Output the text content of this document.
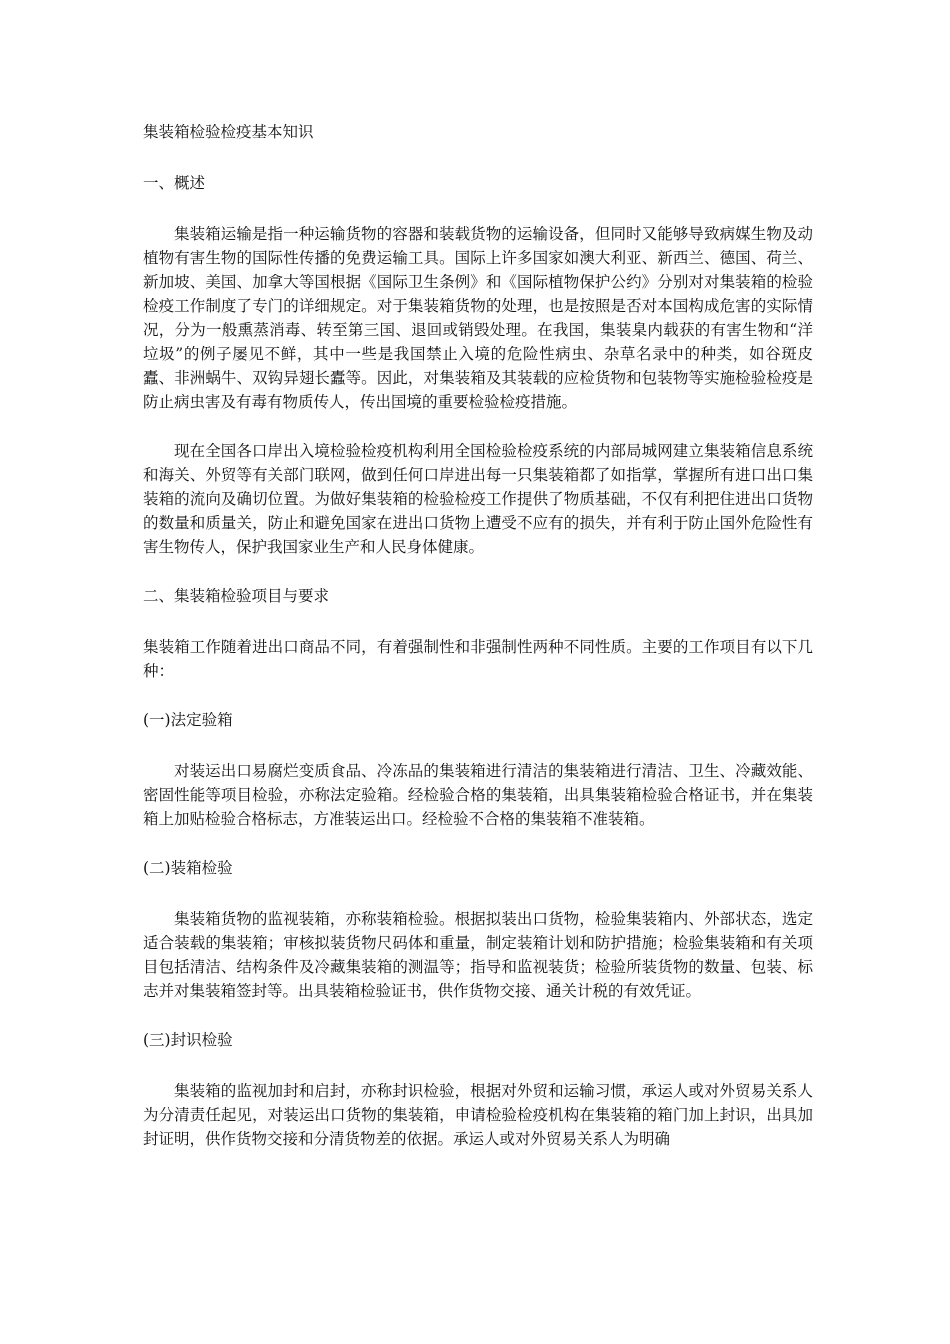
集装箱检验检疫基本知识

一、概述

集装箱运输是指一种运输货物的容器和装载货物的运输设备，但同时又能够导致病媒生物及动植物有害生物的国际性传播的免费运输工具。国际上许多国家如澳大利亚、新西兰、德国、荷兰、新加坡、美国、加拿大等国根据《国际卫生条例》和《国际植物保护公约》分别对对集装箱的检验检疫工作制度了专门的详细规定。对于集装箱货物的处理，也是按照是否对本国构成危害的实际情况，分为一般熏蒸消毒、转至第三国、退回或销毁处理。在我国，集装臬内载获的有害生物和“洋垃圾”的例子屡见不鲜，其中一些是我国禁止入境的危险性病虫、杂草名录中的种类，如谷斑皮蠹、非洲蜗牛、双钩异翅长蠹等。因此，对集装箱及其装载的应检货物和包装物等实施检验检疫是防止病虫害及有毒有物质传人，传出国境的重要检验检疫措施。

现在全国各口岸出入境检验检疫机构利用全国检验检疫系统的内部局城网建立集装箱信息系统和海关、外贸等有关部门联网，做到任何口岸进出每一只集装箱都了如指掌，掌握所有进口出口集装箱的流向及确切位置。为做好集装箱的检验检疫工作提供了物质基础，不仅有利把住进出口货物的数量和质量关，防止和避免国家在进出口货物上遭受不应有的损失，并有利于防止国外危险性有害生物传人，保护我国家业生产和人民身体健康。

二、集装箱检验项目与要求

集装箱工作随着进出口商品不同，有着强制性和非强制性两种不同性质。主要的工作项目有以下几种：

(一)法定验箱

对装运出口易腐烂变质食品、冷冻品的集装箱进行清洁的集装箱进行清洁、卫生、冷藏效能、密固性能等项目检验，亦称法定验箱。经检验合格的集装箱，出具集装箱检验合格证书，并在集装箱上加贴检验合格标志，方准装运出口。经检验不合格的集装箱不准装箱。

(二)装箱检验

集装箱货物的监视装箱，亦称装箱检验。根据拟装出口货物，检验集装箱内、外部状态，选定适合装载的集装箱；审核拟装货物尺码体和重量，制定装箱计划和防护措施；检验集装箱和有关项目包括清洁、结构条件及冷藏集装箱的测温等；指导和监视装货；检验所装货物的数量、包装、标志并对集装箱签封等。出具装箱检验证书，供作货物交接、通关计税的有效凭证。

(三)封识检验

集装箱的监视加封和启封，亦称封识检验，根据对外贸和运输习惯，承运人或对外贸易关系人为分清责任起见，对装运出口货物的集装箱，申请检验检疫机构在集装箱的箱门加上封识，出具加封证明，供作货物交接和分清货物差的依据。承运人或对外贸易关系人为明确
